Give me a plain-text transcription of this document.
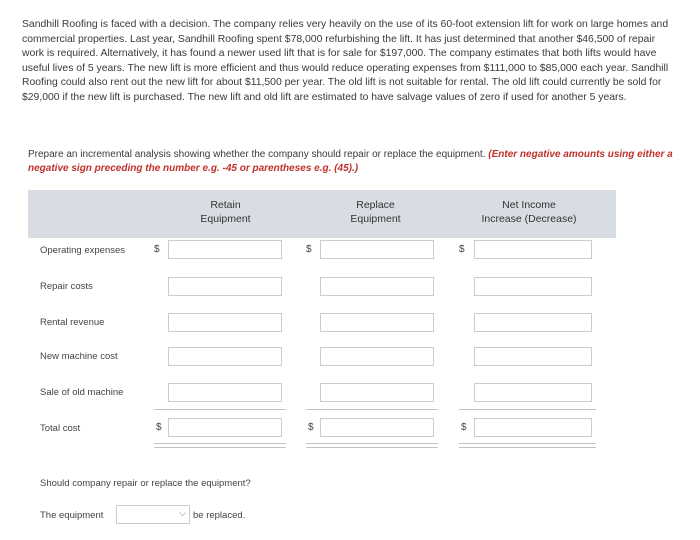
Sandhill Roofing is faced with a decision. The company relies very heavily on the use of its 60-foot extension lift for work on large homes and commercial properties. Last year, Sandhill Roofing spent $78,000 refurbishing the lift. It has just determined that another $46,500 of repair work is required. Alternatively, it has found a newer used lift that is for sale for $197,000. The company estimates that both lifts would have useful lives of 5 years. The new lift is more efficient and thus would reduce operating expenses from $111,000 to $85,000 each year. Sandhill Roofing could also rent out the new lift for about $11,500 per year. The old lift is not suitable for rental. The old lift could currently be sold for $29,000 if the new lift is purchased. The new lift and old lift are estimated to have salvage values of zero if used for another 5 years.
Prepare an incremental analysis showing whether the company should repair or replace the equipment. (Enter negative amounts using either a negative sign preceding the number e.g. -45 or parentheses e.g. (45).)
Retain
Equipment
Replace
Equipment
Net Income
Increase (Decrease)
Operating expenses	$	$	$
Repair costs
Rental revenue
New machine cost
Sale of old machine
Total cost	$	$	$
Should company repair or replace the equipment?
The equipment	⌵ be replaced.
